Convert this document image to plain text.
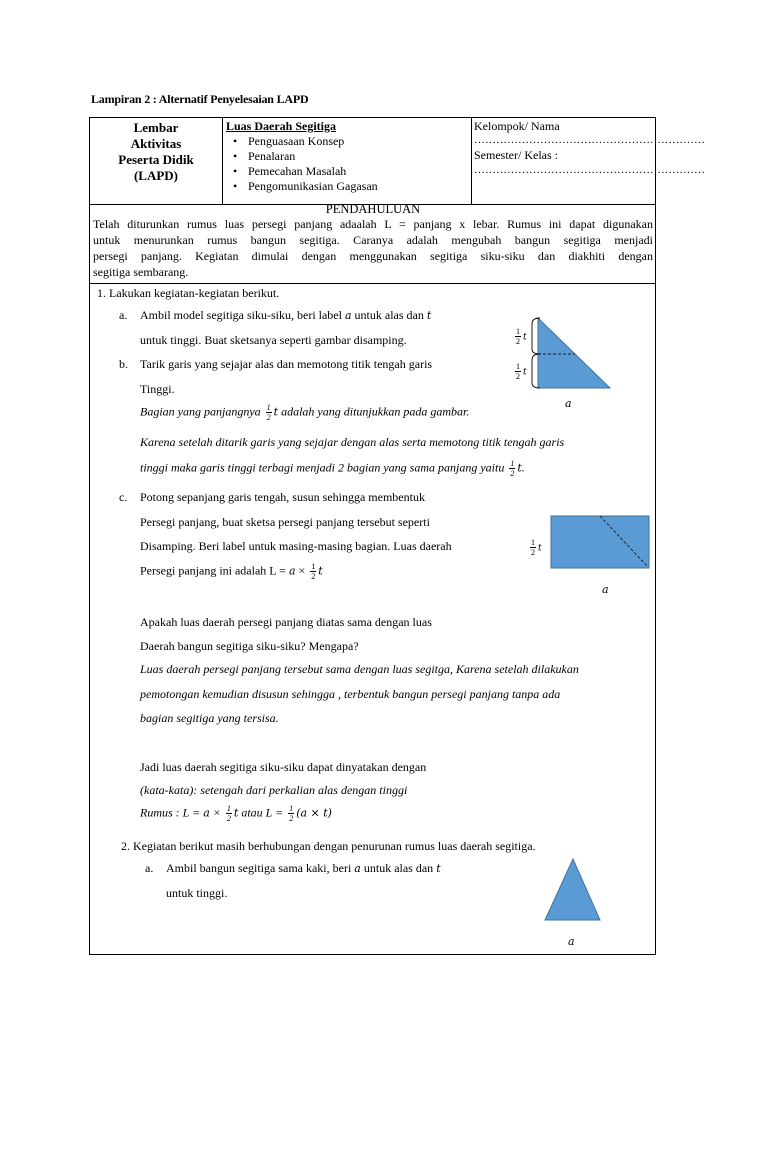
Lampiran 2 : Alternatif Penyelesaian LAPD
Lembar
Aktivitas
Peserta Didik
(LAPD)
Luas Daerah Segitiga
• Penguasaan Konsep
• Penalaran
• Pemecahan Masalah
• Pengomunikasian Gagasan
Kelompok/ Nama
………………………………………………………
Semester/ Kelas :
………………………………………………………
PENDAHULUAN
Telah diturunkan rumus luas persegi panjang adaalah L = panjang x lebar. Rumus ini dapat digunakan
untuk menurunkan rumus bangun segitiga. Caranya adalah mengubah bangun segitiga menjadi
persegi panjang. Kegiatan dimulai dengan menggunakan segitiga siku-siku dan diakhiti dengan
segitiga sembarang.
1. Lakukan kegiatan-kegiatan berikut.
a. Ambil model segitiga siku-siku, beri label a untuk alas dan t
untuk tinggi. Buat sketsanya seperti gambar disamping.
b. Tarik garis yang sejajar alas dan memotong titik tengah garis
Tinggi.
Bagian yang panjangnya $\frac{1}{2}$ t adalah yang ditunjukkan pada gambar.
Karena setelah ditarik garis yang sejajar dengan alas serta memotong titik tengah garis
tinggi maka garis tinggi terbagi menjadi 2 bagian yang sama panjang yaitu $\frac{1}{2} t$.
c. Potong sepanjang garis tengah, susun sehingga membentuk
Persegi panjang, buat sketsa persegi panjang tersebut seperti
Disamping. Beri label untuk masing-masing bagian. Luas daerah
Persegi panjang ini adalah $L = a \times \frac{1}{2}$ t
Apakah luas daerah persegi panjang diatas sama dengan luas
Daerah bangun segitiga siku-siku? Mengapa?
Luas daerah persegi panjang tersebut sama dengan luas segitga, Karena setelah dilakukan
pemotongan kemudian disusun sehingga , terbentuk bangun persegi panjang tanpa ada
bagian segitiga yang tersisa.
Jadi luas daerah segitiga siku-siku dapat dinyatakan dengan
(kata-kata): setengah dari perkalian alas dengan tinggi
Rumus : $L = a \times \frac{1}{2}$ t atau $L = \frac{1}{2} (a \times t)$
2. Kegiatan berikut masih berhubungan dengan penurunan rumus luas daerah segitiga.
a. Ambil bangun segitiga sama kaki, beri a untuk alas dan t
untuk tinggi.
$\frac{1}{2}$ t
$\frac{1}{2}$ t
a
$\frac{1}{2}$ t
a
a
